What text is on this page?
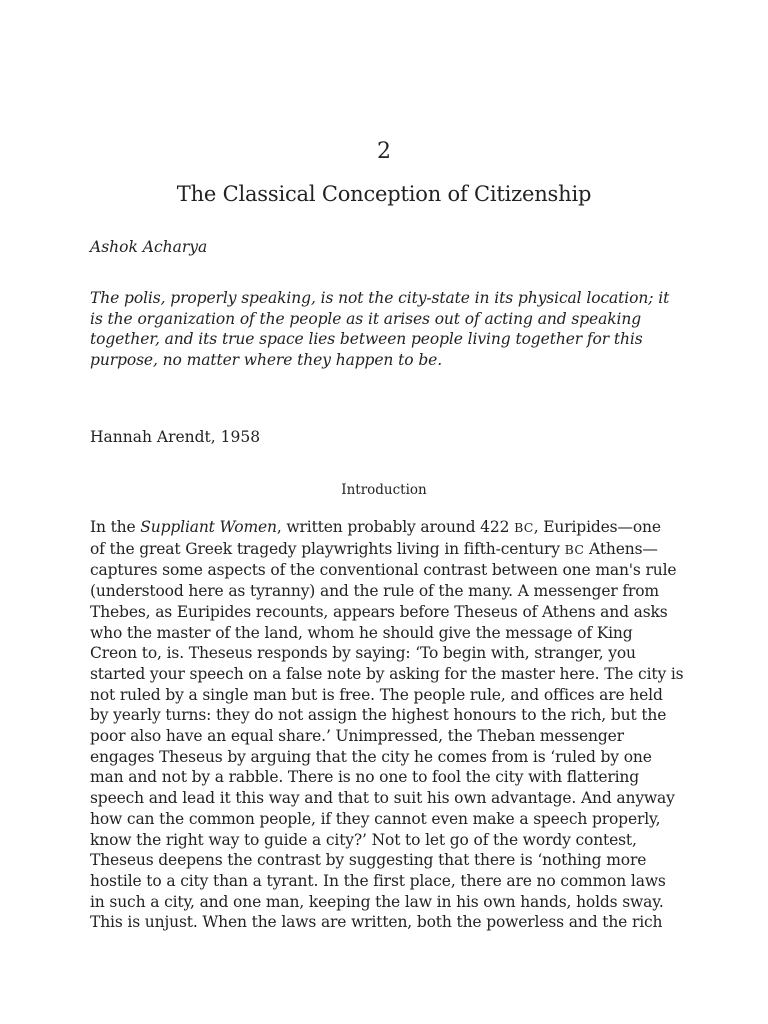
2
The Classical Conception of Citizenship
Ashok Acharya
The polis, properly speaking, is not the city-state in its physical location; it
is the organization of the people as it arises out of acting and speaking
together, and its true space lies between people living together for this
purpose, no matter where they happen to be.
Hannah Arendt, 1958
Introduction
In the Suppliant Women, written probably around 422 BC, Euripides—one
of the great Greek tragedy playwrights living in fifth-century BC Athens—
captures some aspects of the conventional contrast between one man's rule
(understood here as tyranny) and the rule of the many. A messenger from
Thebes, as Euripides recounts, appears before Theseus of Athens and asks
who the master of the land, whom he should give the message of King
Creon to, is. Theseus responds by saying: ‘To begin with, stranger, you
started your speech on a false note by asking for the master here. The city is
not ruled by a single man but is free. The people rule, and offices are held
by yearly turns: they do not assign the highest honours to the rich, but the
poor also have an equal share.’ Unimpressed, the Theban messenger
engages Theseus by arguing that the city he comes from is ‘ruled by one
man and not by a rabble. There is no one to fool the city with flattering
speech and lead it this way and that to suit his own advantage. And anyway
how can the common people, if they cannot even make a speech properly,
know the right way to guide a city?’ Not to let go of the wordy contest,
Theseus deepens the contrast by suggesting that there is ‘nothing more
hostile to a city than a tyrant. In the first place, there are no common laws
in such a city, and one man, keeping the law in his own hands, holds sway.
This is unjust. When the laws are written, both the powerless and the rich
